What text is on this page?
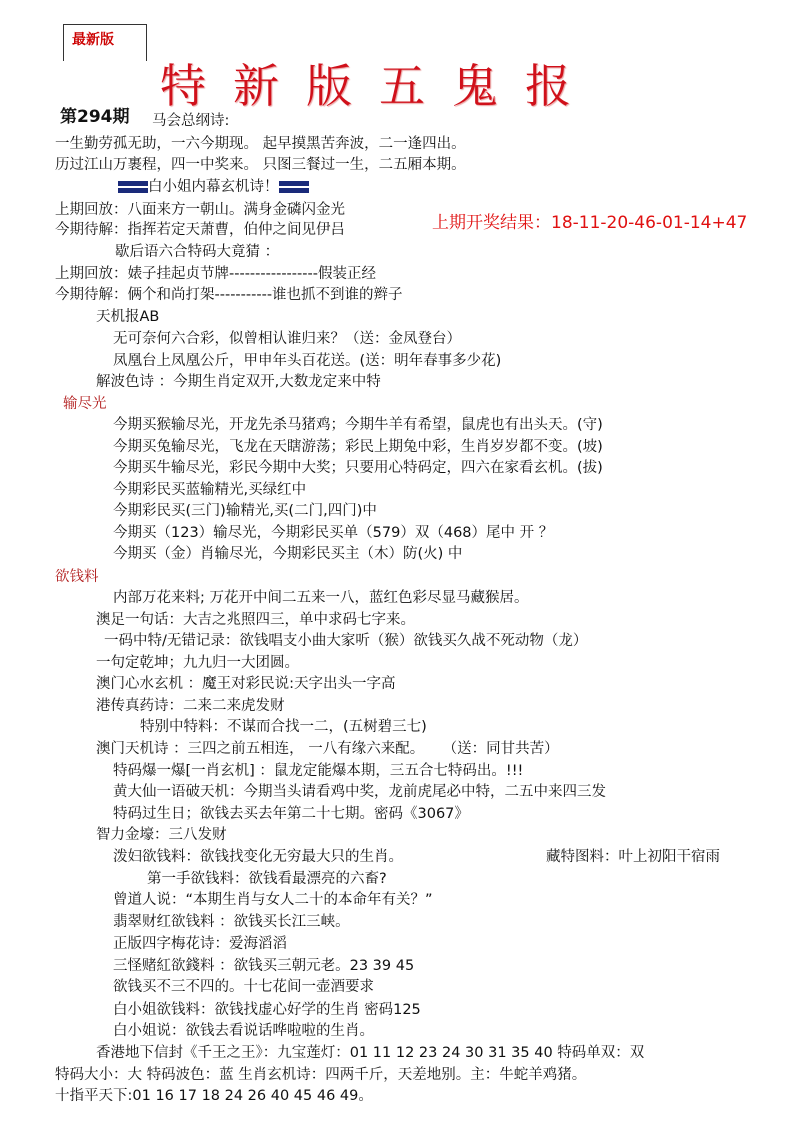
最新版
特新版五鬼报
第294期
上期开奖结果：18-11-20-46-01-14+47
马会总纲诗:
白小姐内幕玄机诗！
一生勤劳孤无助，一六今期现。 起早摸黑苦奔波，二一逢四出。
历过江山万裹程，四一中奖来。 只图三餐过一生，二五厢本期。
上期回放：八面来方一朝山。满身金磷闪金光
今期待解：指挥若定天萧曹，伯仲之间见伊吕
歇后语六合特码大竟猜 ：
上期回放：婊子挂起贞节牌-----------------假装正经
今期待解：俩个和尚打架-----------谁也抓不到谁的辫子
天机报AB
无可奈何六合彩，似曾相认谁归来？（送：金凤登台）
凤凰台上凤凰公斤，甲申年头百花送。(送：明年春事多少花)
解波色诗 ：今期生肖定双开,大数龙定来中特
输尽光
今期买猴输尽光，开龙先杀马猪鸡；今期牛羊有希望，鼠虎也有出头天。(守)
今期买兔输尽光，飞龙在天瞎游荡；彩民上期兔中彩，生肖岁岁都不变。(坡)
今期买牛输尽光，彩民今期中大奖；只要用心特码定，四六在家看玄机。(拔)
今期彩民买蓝输精光,买绿红中
今期彩民买(三门)输精光,买(二门,四门)中
今期买（123）输尽光，今期彩民买单（579）双（468）尾中 开 ？
今期买（金）肖输尽光，今期彩民买主（木）防(火) 中
欲钱料
内部万花来料; 万花开中间二五来一八，蓝红色彩尽显马藏猴居。
澳足一句话：大吉之兆照四三，单中求码七字来。
一码中特/无错记录：欲钱唱支小曲大家听（猴）欲钱买久战不死动物（龙）
一句定乾坤；九九归一大团圆。
澳门心水玄机 ：魔王对彩民说:天字出头一字高
港传真药诗：二来二来虎发财
特别中特料：不谋而合找一二，(五树碧三七)
澳门天机诗 ：三四之前五相连， 一八有缘六来配。    （送：同甘共苦）
特码爆一爆[一肖玄机] ：鼠龙定能爆本期，三五合七特码出。!!!
黄大仙一语破天机：今期当头请看鸡中奖，龙前虎尾必中特，二五中来四三发
特码过生日；欲钱去买去年第二十七期。密码《3067》
智力金壕：三八发财
泼妇欲钱料：欲钱找变化无穷最大只的生肖。	藏特图料：叶上初阳干宿雨
第一手欲钱料：欲钱看最漂亮的六畜?
曾道人说：“本期生肖与女人二十的本命年有关？”
翡翠财红欲钱料 ：欲钱买长江三峡。
正版四字梅花诗：爱海滔滔
三怪赌紅欲錢料 ：欲钱买三朝元老。23 39 45
欲钱买不三不四的。十七花间一壶酒要求
白小姐欲钱料：欲钱找虚心好学的生肖 密码125
白小姐说：欲钱去看说话哗啦啦的生肖。
香港地下信封《千王之王》：九宝莲灯：01 11 12 23 24 30 31 35 40 特码单双：双
特码大小：大 特码波色：蓝 生肖玄机诗：四两千斤，天差地别。主：牛蛇羊鸡猪。
十指平天下:01 16 17 18 24 26 40 45 46 49。
